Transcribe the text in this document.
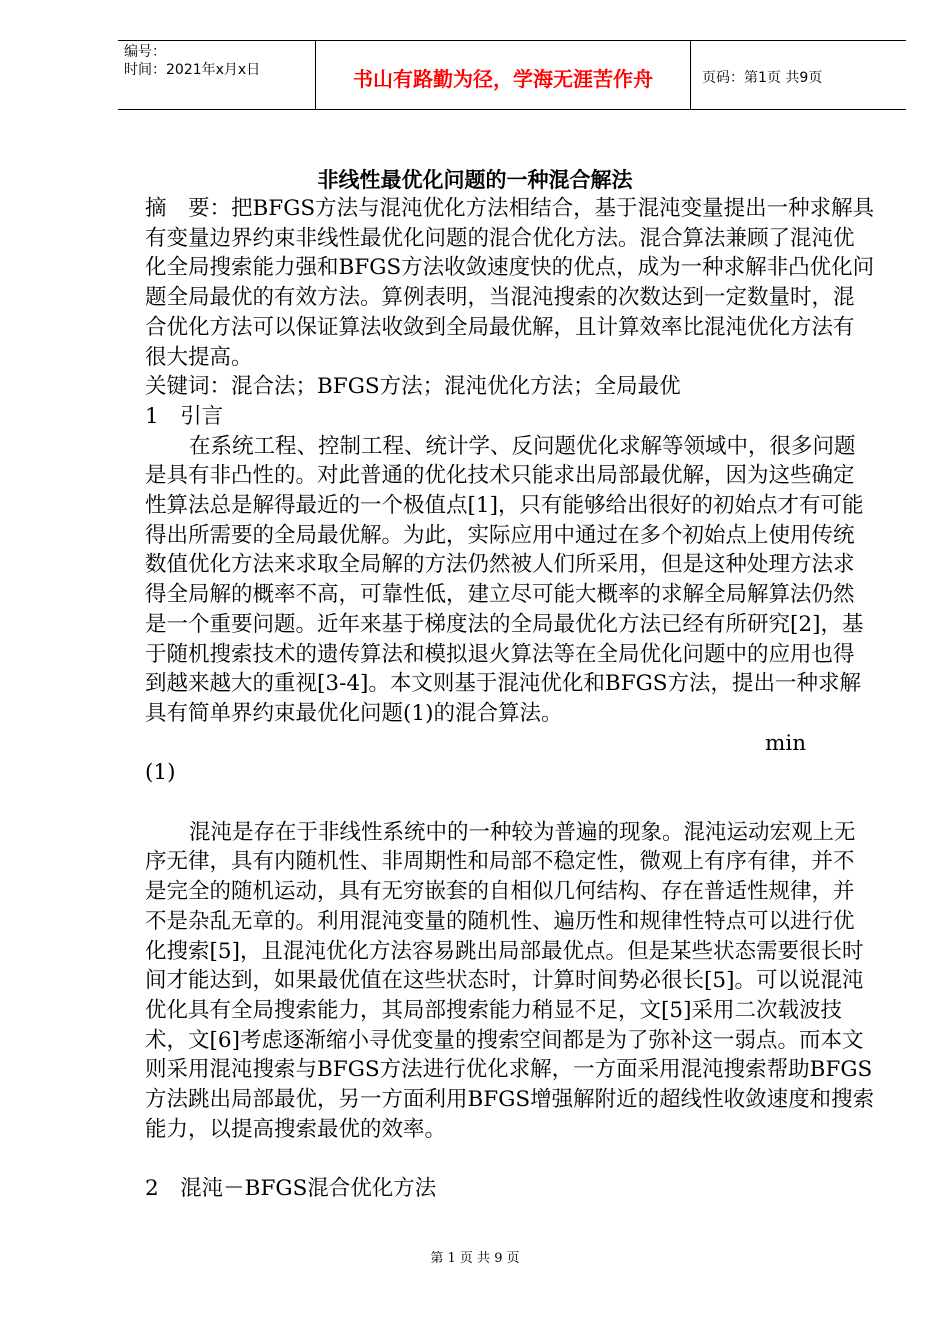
编号：
时间：2021年x月x日	书山有路勤为径，学海无涯苦作舟	页码：第1页 共9页
非线性最优化问题的一种混合解法

摘　要：把BFGS方法与混沌优化方法相结合，基于混沌变量提出一种求解具有变量边界约束非线性最优化问题的混合优化方法。混合算法兼顾了混沌优化全局搜索能力强和BFGS方法收敛速度快的优点，成为一种求解非凸优化问题全局最优的有效方法。算例表明，当混沌搜索的次数达到一定数量时，混合优化方法可以保证算法收敛到全局最优解，且计算效率比混沌优化方法有很大提高。

关键词：混合法；BFGS方法；混沌优化方法；全局最优

1　引言

在系统工程、控制工程、统计学、反问题优化求解等领域中，很多问题是具有非凸性的。对此普通的优化技术只能求出局部最优解，因为这些确定性算法总是解得最近的一个极值点[1]，只有能够给出很好的初始点才有可能得出所需要的全局最优解。为此，实际应用中通过在多个初始点上使用传统数值优化方法来求取全局解的方法仍然被人们所采用，但是这种处理方法求得全局解的概率不高，可靠性低，建立尽可能大概率的求解全局解算法仍然是一个重要问题。近年来基于梯度法的全局最优化方法已经有所研究[2]，基于随机搜索技术的遗传算法和模拟退火算法等在全局优化问题中的应用也得到越来越大的重视[3-4]。本文则基于混沌优化和BFGS方法，提出一种求解具有简单界约束最优化问题(1)的混合算法。

min

(1)

混沌是存在于非线性系统中的一种较为普遍的现象。混沌运动宏观上无序无律，具有内随机性、非周期性和局部不稳定性，微观上有序有律，并不是完全的随机运动，具有无穷嵌套的自相似几何结构、存在普适性规律，并不是杂乱无章的。利用混沌变量的随机性、遍历性和规律性特点可以进行优化搜索[5]，且混沌优化方法容易跳出局部最优点。但是某些状态需要很长时间才能达到，如果最优值在这些状态时，计算时间势必很长[5]。可以说混沌优化具有全局搜索能力，其局部搜索能力稍显不足，文[5]采用二次载波技术，文[6]考虑逐渐缩小寻优变量的搜索空间都是为了弥补这一弱点。而本文则采用混沌搜索与BFGS方法进行优化求解，一方面采用混沌搜索帮助BFGS方法跳出局部最优，另一方面利用BFGS增强解附近的超线性收敛速度和搜索能力，以提高搜索最优的效率。

2　混沌－BFGS混合优化方法

第 1 页 共 9 页
